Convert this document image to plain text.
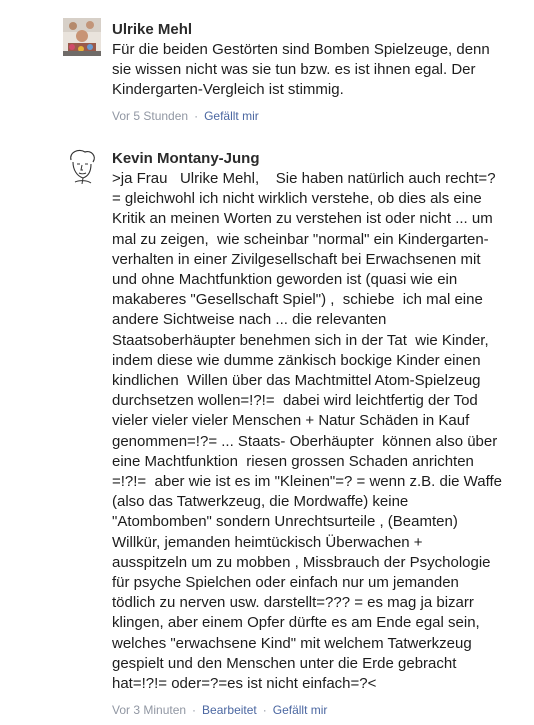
Ulrike Mehl
Für die beiden Gestörten sind Bomben Spielzeuge, denn
sie wissen nicht was sie tun bzw. es ist ihnen egal. Der
Kindergarten-Vergleich ist stimmig.
Vor 5 Stunden · Gefällt mir
Kevin Montany-Jung
>ja Frau   Ulrike Mehl,    Sie haben natürlich auch recht=?
= gleichwohl ich nicht wirklich verstehe, ob dies als eine
Kritik an meinen Worten zu verstehen ist oder nicht ... um
mal zu zeigen,  wie scheinbar "normal" ein Kindergarten-
verhalten in einer Zivilgesellschaft bei Erwachsenen mit
und ohne Machtfunktion geworden ist (quasi wie ein
makaberes "Gesellschaft Spiel") ,  schiebe  ich mal eine
andere Sichtweise nach ... die relevanten
Staatsoberhäupter benehmen sich in der Tat  wie Kinder,
indem diese wie dumme zänkisch bockige Kinder einen
kindlichen  Willen über das Machtmittel Atom-Spielzeug
durchsetzen wollen=!?!=  dabei wird leichtfertig der Tod
vieler vieler vieler Menschen + Natur Schäden in Kauf
genommen=!?= ... Staats- Oberhäupter  können also über
eine Machtfunktion  riesen grossen Schaden anrichten
=!?!=  aber wie ist es im "Kleinen"=? = wenn z.B. die Waffe
(also das Tatwerkzeug, die Mordwaffe) keine
"Atombomben" sondern Unrechtsurteile , (Beamten)
Willkür, jemanden heimtückisch Überwachen +
ausspitzeln um zu mobben , Missbrauch der Psychologie
für psyche Spielchen oder einfach nur um jemanden
tödlich zu nerven usw. darstellt=??? = es mag ja bizarr
klingen, aber einem Opfer dürfte es am Ende egal sein,
welches "erwachsene Kind" mit welchem Tatwerkzeug
gespielt und den Menschen unter die Erde gebracht
hat=!?!= oder=?=es ist nicht einfach=?<
Vor 3 Minuten · Bearbeitet · Gefällt mir
